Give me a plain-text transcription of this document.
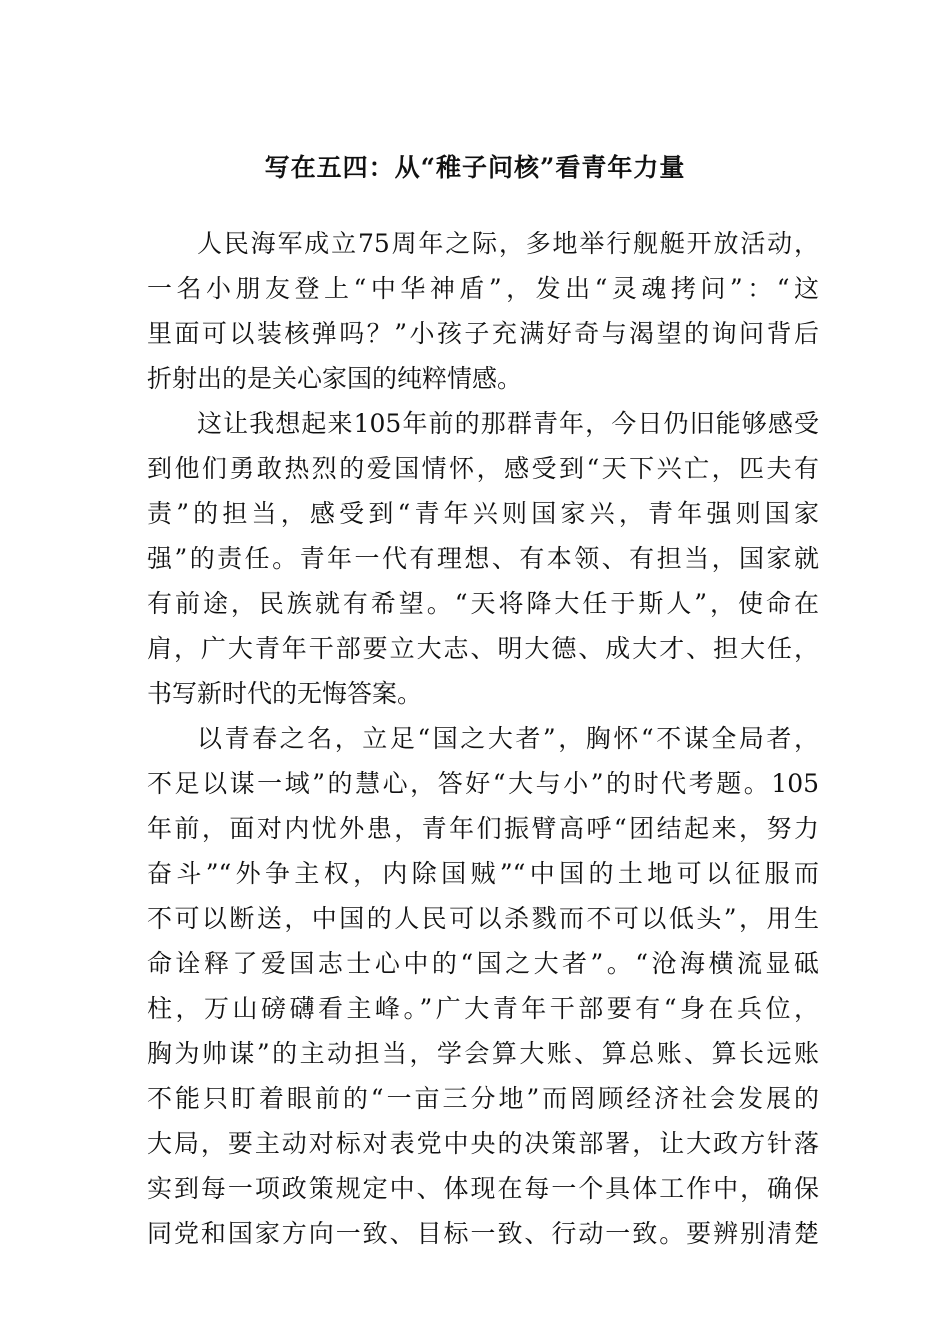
写在五四：从“稚子问核”看青年力量
人民海军成立75周年之际，多地举行舰艇开放活动，
一名小朋友登上“中华神盾”，发出“灵魂拷问”：“这
里面可以装核弹吗？”小孩子充满好奇与渴望的询问背后
折射出的是关心家国的纯粹情感。
这让我想起来105年前的那群青年，今日仍旧能够感受
到他们勇敢热烈的爱国情怀，感受到“天下兴亡，匹夫有
责”的担当，感受到“青年兴则国家兴，青年强则国家
强”的责任。青年一代有理想、有本领、有担当，国家就
有前途，民族就有希望。“天将降大任于斯人”，使命在
肩，广大青年干部要立大志、明大德、成大才、担大任，
书写新时代的无悔答案。
以青春之名，立足“国之大者”，胸怀“不谋全局者，
不足以谋一域”的慧心，答好“大与小”的时代考题。105
年前，面对内忧外患，青年们振臂高呼“团结起来，努力
奋斗”“外争主权，内除国贼”“中国的土地可以征服而
不可以断送，中国的人民可以杀戮而不可以低头”，用生
命诠释了爱国志士心中的“国之大者”。“沧海横流显砥
柱，万山磅礴看主峰。”广大青年干部要有“身在兵位，
胸为帅谋”的主动担当，学会算大账、算总账、算长远账
不能只盯着眼前的“一亩三分地”而罔顾经济社会发展的
大局，要主动对标对表党中央的决策部署，让大政方针落
实到每一项政策规定中、体现在每一个具体工作中，确保
同党和国家方向一致、目标一致、行动一致。要辨别清楚
